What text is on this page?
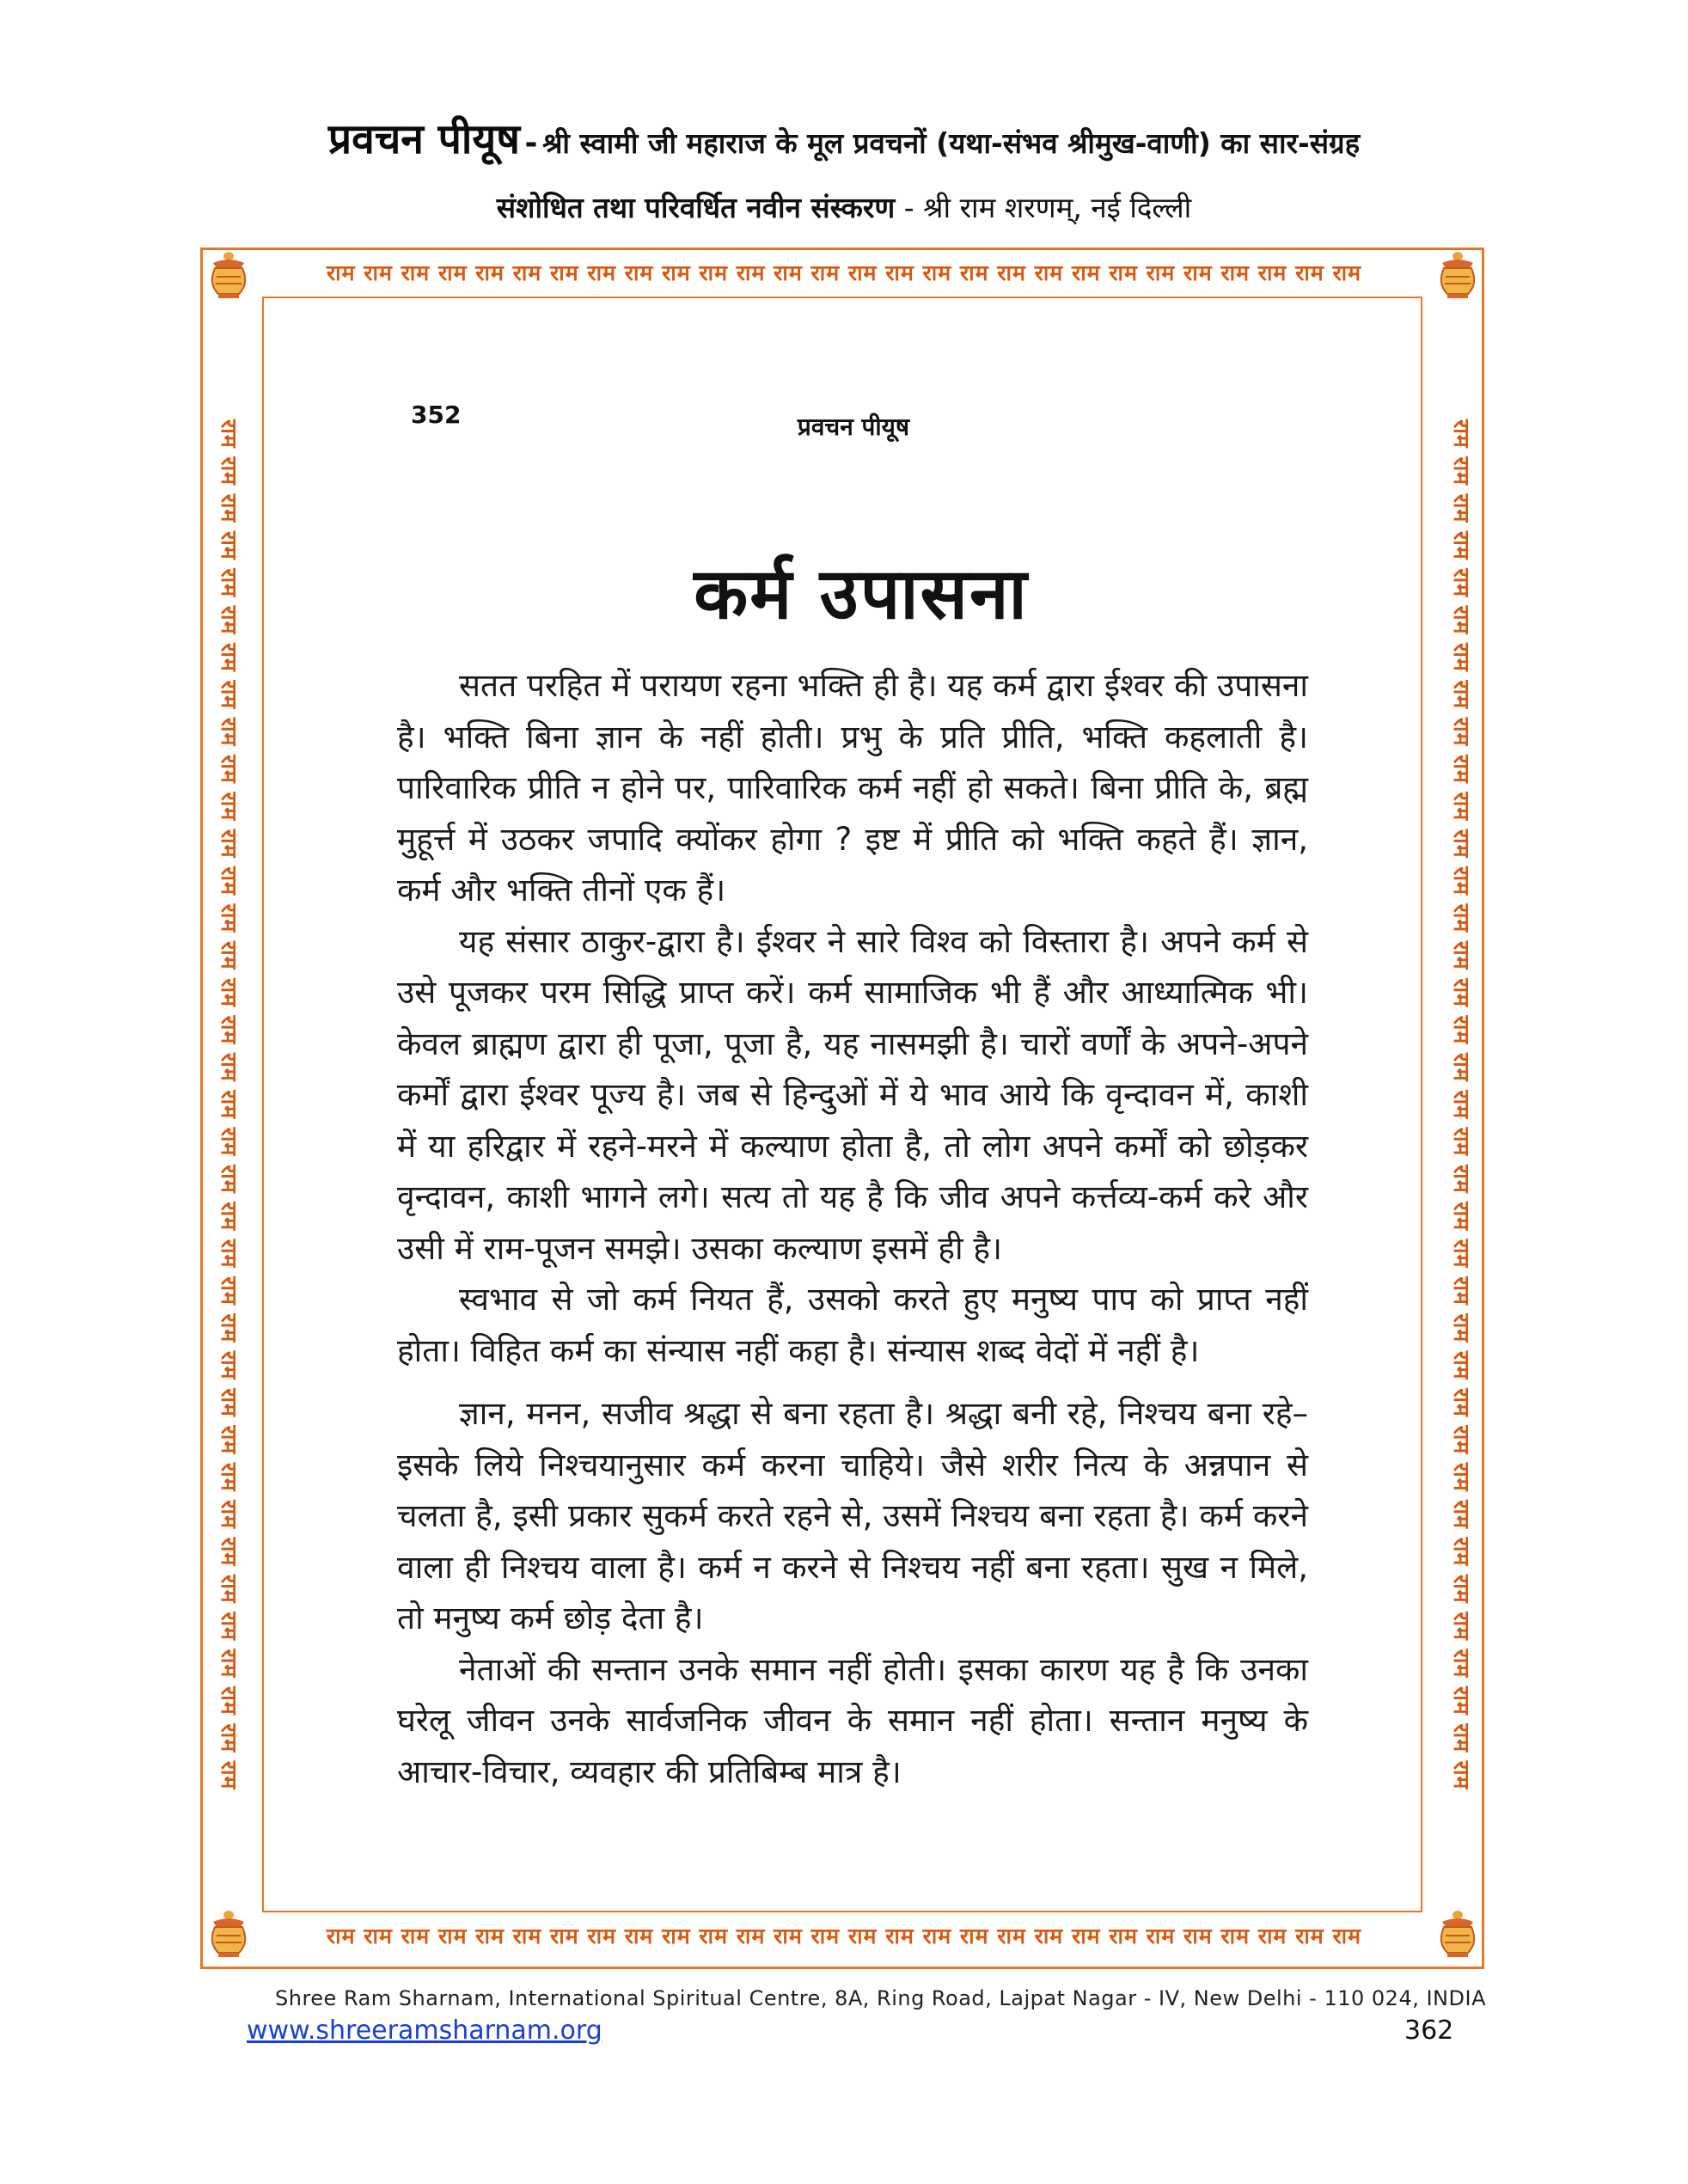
प्रवचन पीयूष - श्री स्वामी जी महाराज के मूल प्रवचनों (यथा-संभव श्रीमुख-वाणी) का सार-संग्रह
संशोधित तथा परिवर्धित नवीन संस्करण - श्री राम शरणम्, नई दिल्ली
राम राम राम राम राम राम राम राम राम राम राम राम राम राम राम राम राम राम राम राम राम राम राम राम राम राम राम राम
राम राम राम राम राम राम राम राम राम राम राम राम राम राम राम राम राम राम राम राम राम राम राम राम राम राम राम राम
राम राम राम राम राम राम राम राम राम राम राम राम राम राम राम राम राम राम राम राम राम राम राम राम राम राम राम राम राम राम राम राम राम राम राम राम राम	राम राम राम राम राम राम राम राम राम राम राम राम राम राम राम राम राम राम राम राम राम राम राम राम राम राम राम राम राम राम राम राम राम राम राम राम राम
352	प्रवचन पीयूष
कर्म उपासना

सतत परहित में परायण रहना भक्ति ही है। यह कर्म द्वारा ईश्वर की उपासना है। भक्ति बिना ज्ञान के नहीं होती। प्रभु के प्रति प्रीति, भक्ति कहलाती है। पारिवारिक प्रीति न होने पर, पारिवारिक कर्म नहीं हो सकते। बिना प्रीति के, ब्रह्म मुहूर्त्त में उठकर जपादि क्योंकर होगा ? इष्ट में प्रीति को भक्ति कहते हैं। ज्ञान, कर्म और भक्ति तीनों एक हैं।

यह संसार ठाकुर-द्वारा है। ईश्वर ने सारे विश्व को विस्तारा है। अपने कर्म से उसे पूजकर परम सिद्धि प्राप्त करें। कर्म सामाजिक भी हैं और आध्यात्मिक भी। केवल ब्राह्मण द्वारा ही पूजा, पूजा है, यह नासमझी है। चारों वर्णों के अपने-अपने कर्मों द्वारा ईश्वर पूज्य है। जब से हिन्दुओं में ये भाव आये कि वृन्दावन में, काशी में या हरिद्वार में रहने-मरने में कल्याण होता है, तो लोग अपने कर्मों को छोड़कर वृन्दावन, काशी भागने लगे। सत्य तो यह है कि जीव अपने कर्त्तव्य-कर्म करे और उसी में राम-पूजन समझे। उसका कल्याण इसमें ही है।

स्वभाव से जो कर्म नियत हैं, उसको करते हुए मनुष्य पाप को प्राप्त नहीं होता। विहित कर्म का संन्यास नहीं कहा है। संन्यास शब्द वेदों में नहीं है।

ज्ञान, मनन, सजीव श्रद्धा से बना रहता है। श्रद्धा बनी रहे, निश्चय बना रहे– इसके लिये निश्चयानुसार कर्म करना चाहिये। जैसे शरीर नित्य के अन्नपान से चलता है, इसी प्रकार सुकर्म करते रहने से, उसमें निश्चय बना रहता है। कर्म करने वाला ही निश्चय वाला है। कर्म न करने से निश्चय नहीं बना रहता। सुख न मिले, तो मनुष्य कर्म छोड़ देता है।

नेताओं की सन्तान उनके समान नहीं होती। इसका कारण यह है कि उनका घरेलू जीवन उनके सार्वजनिक जीवन के समान नहीं होता। सन्तान मनुष्य के आचार-विचार, व्यवहार की प्रतिबिम्ब मात्र है।

Shree Ram Sharnam, International Spiritual Centre, 8A, Ring Road, Lajpat Nagar - IV, New Delhi - 110 024, INDIA
www.shreeramsharnam.org	362
